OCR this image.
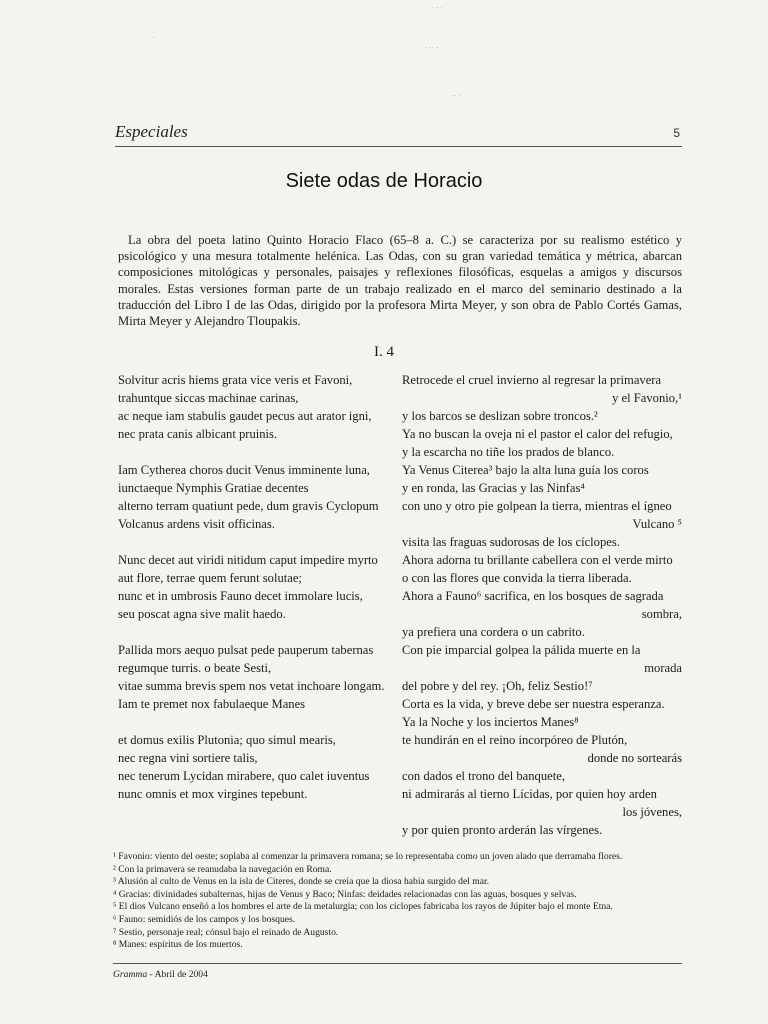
· · ·
·
· ·· ·
·· ·
Especiales	5
Siete odas de Horacio

La obra del poeta latino Quinto Horacio Flaco (65–8 a. C.) se caracteriza por su realismo estético y psicológico y una mesura totalmente helénica. Las Odas, con su gran variedad temática y métrica, abarcan composiciones mitológicas y personales, paisajes y reflexiones filosóficas, esquelas a amigos y discursos morales. Estas versiones forman parte de un trabajo realizado en el marco del seminario destinado a la traducción del Libro I de las Odas, dirigido por la profesora Mirta Meyer, y son obra de Pablo Cortés Gamas, Mirta Meyer y Alejandro Tloupakis.

I. 4
Solvitur acris hiems grata vice veris et Favoni,
trahuntque siccas machinae carinas,
ac neque iam stabulis gaudet pecus aut arator igni,
nec prata canis albicant pruinis.
Iam Cytherea choros ducit Venus imminente luna,
iunctaeque Nymphis Gratiae decentes
alterno terram quatiunt pede, dum gravis Cyclopum
Volcanus ardens visit officinas.
Nunc decet aut viridi nitidum caput impedire myrto
aut flore, terrae quem ferunt solutae;
nunc et in umbrosis Fauno decet immolare lucis,
seu poscat agna sive malit haedo.
Pallida mors aequo pulsat pede pauperum tabernas
regumque turris. o beate Sesti,
vitae summa brevis spem nos vetat inchoare longam.
Iam te premet nox fabulaeque Manes
et domus exilis Plutonia; quo simul mearis,
nec regna vini sortiere talis,
nec tenerum Lycidan mirabere, quo calet iuventus
nunc omnis et mox virgines tepebunt.
Retrocede el cruel invierno al regresar la primavera
y el Favonio,¹
y los barcos se deslizan sobre troncos.²
Ya no buscan la oveja ni el pastor el calor del refugio,
y la escarcha no tiñe los prados de blanco.
Ya Venus Citerea³ bajo la alta luna guía los coros
y en ronda, las Gracias y las Ninfas⁴
con uno y otro pie golpean la tierra, mientras el ígneo
Vulcano ⁵
visita las fraguas sudorosas de los cíclopes.
Ahora adorna tu brillante cabellera con el verde mirto
o con las flores que convida la tierra liberada.
Ahora a Fauno⁶ sacrifica, en los bosques de sagrada
sombra,
ya prefiera una cordera o un cabrito.
Con pie imparcial golpea la pálida muerte en la
morada
del pobre y del rey. ¡Oh, feliz Sestio!⁷
Corta es la vida, y breve debe ser nuestra esperanza.
Ya la Noche y los inciertos Manes⁸
te hundirán en el reino incorpóreo de Plutón,
donde no sortearás
con dados el trono del banquete,
ni admirarás al tierno Lícidas, por quien hoy arden
los jóvenes,
y por quien pronto arderán las vírgenes.
¹ Favonio: viento del oeste; soplaba al comenzar la primavera romana; se lo representaba como un joven alado que derramaba flores.
² Con la primavera se reanudaba la navegación en Roma.
³ Alusión al culto de Venus en la isla de Citeres, donde se creía que la diosa había surgido del mar.
⁴ Gracias: divinidades subalternas, hijas de Venus y Baco; Ninfas: deidades relacionadas con las aguas, bosques y selvas.
⁵ El dios Vulcano enseñó a los hombres el arte de la metalurgia; con los cíclopes fabricaba los rayos de Júpiter bajo el monte Etna.
⁶ Fauno: semidiós de los campos y los bosques.
⁷ Sestio, personaje real; cónsul bajo el reinado de Augusto.
⁸ Manes: espíritus de los muertos.
Gramma - Abril de 2004
